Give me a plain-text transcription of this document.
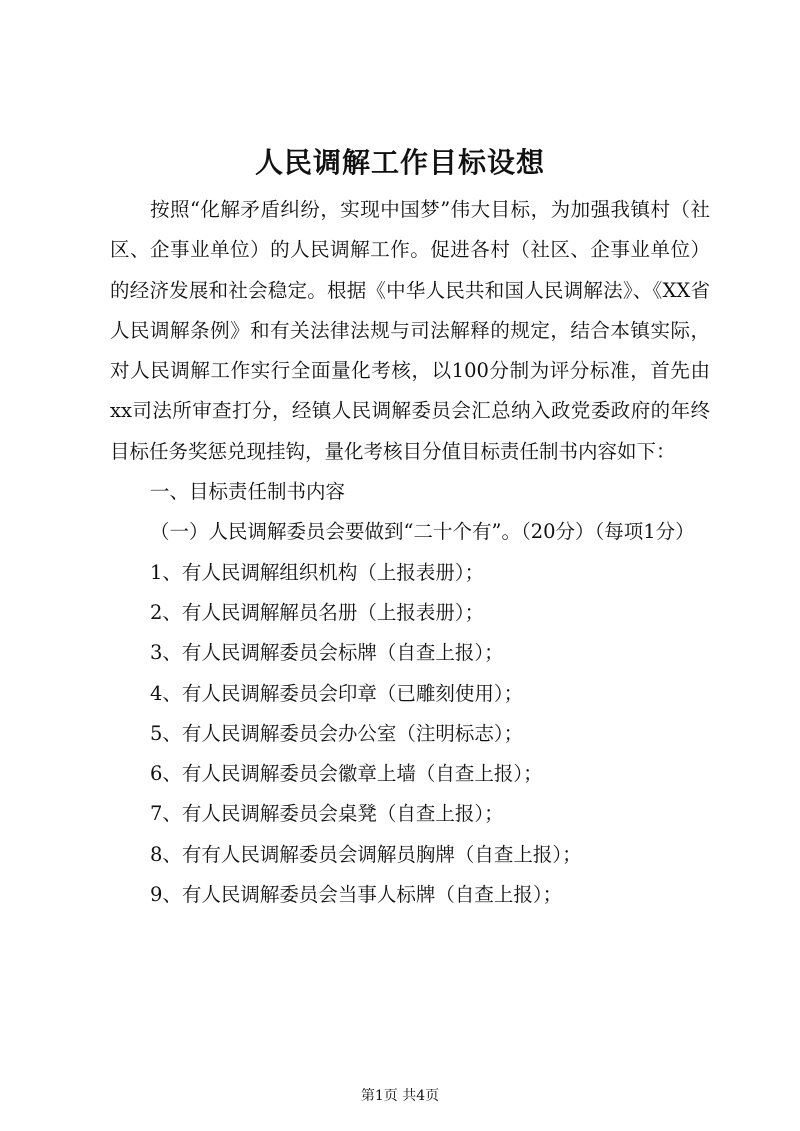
人民调解工作目标设想

按照“化解矛盾纠纷，实现中国梦”伟大目标，为加强我镇村（社区、企事业单位）的人民调解工作。促进各村（社区、企事业单位）的经济发展和社会稳定。根据《中华人民共和国人民调解法》、《XX省人民调解条例》和有关法律法规与司法解释的规定，结合本镇实际，对人民调解工作实行全面量化考核，以100分制为评分标准，首先由xx司法所审查打分，经镇人民调解委员会汇总纳入政党委政府的年终目标任务奖惩兑现挂钩，量化考核目分值目标责任制书内容如下：

一、目标责任制书内容

（一）人民调解委员会要做到“二十个有”。（20分）（每项1分）

1、有人民调解组织机构（上报表册）；

2、有人民调解解员名册（上报表册）；

3、有人民调解委员会标牌（自查上报）；

4、有人民调解委员会印章（已雕刻使用）；

5、有人民调解委员会办公室（注明标志）；

6、有人民调解委员会徽章上墙（自查上报）；

7、有人民调解委员会桌凳（自查上报）；

8、有有人民调解委员会调解员胸牌（自查上报）；

9、有人民调解委员会当事人标牌（自查上报）；

第1页 共4页
